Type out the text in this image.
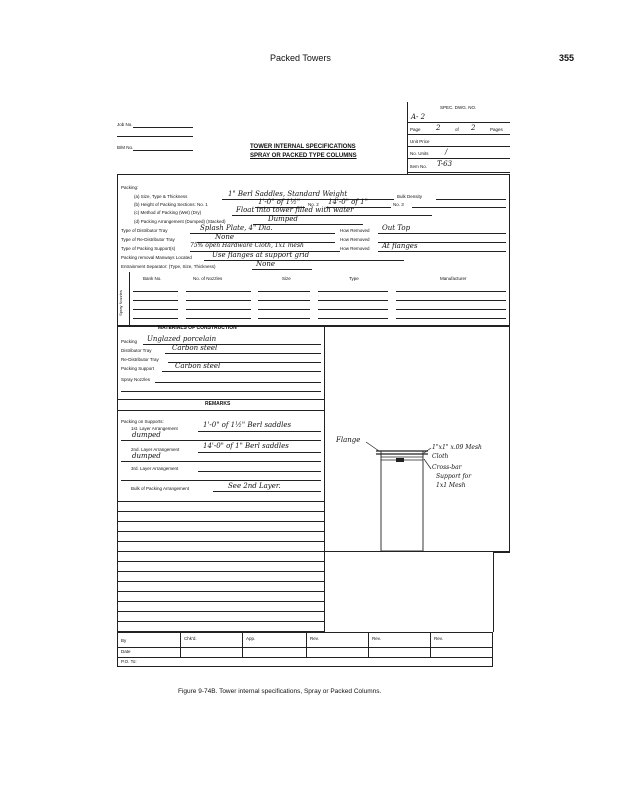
Packed Towers	355
SPEC. DWG. NO.
A- 2
Page 2	of 2	Pages
Unit Price
No. Units /
Item No. T-63
Job No.
B/M No.	TOWER INTERNAL SPECIFICATIONS
SPRAY OR PACKED TYPE COLUMNS
Packing:
(a) Size, Type & Thickness	1" Berl Saddles, Standard Weight	Bulk Density
(b) Height of Packing Sections: No. 1	1'-0" of 1½" No. 2 14'-0" of 1"	No. 3
(c) Method of Packing (Wet) (Dry)	Float into tower filled with water
(d) Packing Arrangement (Dumped) (Stacked)	Dumped
Type of Distributor Tray	Splash Plate, 4" Dia.	How Removed Out Top
Type of Re-Distributor Tray	None	How Removed
Type of Packing Support(s) 75% open Hardware Cloth, 1x1 mesh	How Removed At flanges
Packing removal Manways Located	Use flanges at support grid
Entrainment Separator: (Type, Size, Thickness)	None
Spray Nozzles
Bank No.	No. of Nozzles	Size	Type	Manufacturer
MATERIALS OF CONSTRUCTION
Packing Unglazed porcelain
Distributor Tray	Carbon steel
Re-Distributor Tray
Packing Support	Carbon steel
Spray Nozzles
REMARKS
Packing on Supports:
1st. Layer Arrangement	1'-0" of 1½" Berl saddles
dumped
2nd. Layer Arrangement	14'-0" of 1" Berl saddles
dumped
3rd. Layer Arrangement
Bulk of Packing Arrangement	See 2nd Layer.
Flange
1"x1" x.09 Mesh
Cloth
Cross-bar
Support for
1x1 Mesh
By	Chk'd.	App.	Rev.	Rev.	Rev.
Date
P.O. To:
Figure 9-74B. Tower internal specifications, Spray or Packed Columns.
